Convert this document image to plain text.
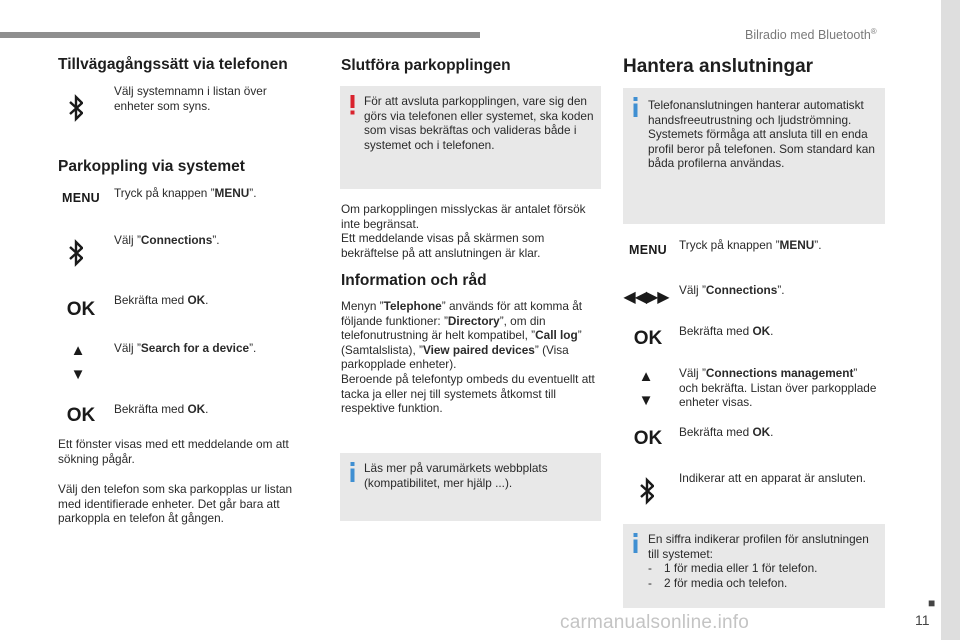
Bilradio med Bluetooth®
■
11
carmanualsonline.info
Tillvägagångssätt via telefonen
Välj systemnamn i listan över enheter som syns.
Parkoppling via systemet
MENU	Tryck på knappen ”MENU”.
Välj ”Connections”.
OK	Bekräfta med OK.
▲
▼
Välj ”Search for a device”.
OK	Bekräfta med OK.
Ett fönster visas med ett meddelande om att sökning pågår.
Välj den telefon som ska parkopplas ur listan med identifierade enheter. Det går bara att parkoppla en telefon åt gången.
Slutföra parkopplingen
För att avsluta parkopplingen, vare sig den görs via telefonen eller systemet, ska koden som visas bekräftas och valideras både i systemet och i telefonen.
Om parkopplingen misslyckas är antalet försök inte begränsat.
Ett meddelande visas på skärmen som bekräftelse på att anslutningen är klar.
Information och råd
Menyn ”Telephone” används för att komma åt följande funktioner: ”Directory”, om din telefonutrustning är helt kompatibel, ”Call log” (Samtalslista), ”View paired devices” (Visa parkopplade enheter).
Beroende på telefontyp ombeds du eventuellt att tacka ja eller nej till systemets åtkomst till respektive funktion.
Läs mer på varumärkets webbplats (kompatibilitet, mer hjälp ...).
Hantera anslutningar
Telefonanslutningen hanterar automatiskt handsfreeutrustning och ljudströmning. Systemets förmåga att ansluta till en enda profil beror på telefonen. Som standard kan båda profilerna användas.
MENU	Tryck på knappen ”MENU”.
◀◀▶▶ Välj ”Connections”.
OK	Bekräfta med OK.
▲
▼
Välj ”Connections management” och bekräfta. Listan över parkopplade enheter visas.
OK	Bekräfta med OK.
Indikerar att en apparat är ansluten.
En siffra indikerar profilen för anslutningen till systemet:
-	1 för media eller 1 för telefon.
-	2 för media och telefon.
